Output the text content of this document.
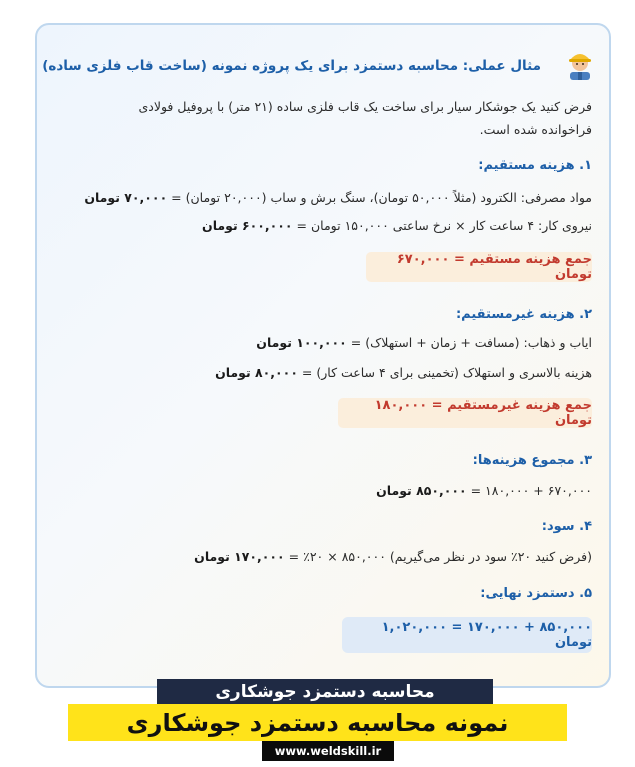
مثال عملی: محاسبه دستمزد برای یک پروژه نمونه (ساخت قاب فلزی ساده)
فرض کنید یک جوشکار سیار برای ساخت یک قاب فلزی ساده (۲۱ متر) با پروفیل فولادی
فراخوانده شده است.
۱. هزینه مستقیم:
مواد مصرفی: الکترود (مثلاً ۵۰,۰۰۰ تومان)، سنگ برش و ساب (۲۰,۰۰۰ تومان) = ۷۰,۰۰۰ تومان
نیروی کار: ۴ ساعت کار × نرخ ساعتی ۱۵۰,۰۰۰ تومان = ۶۰۰,۰۰۰ تومان
جمع هزینه مستقیم = ۶۷۰,۰۰۰ تومان
۲. هزینه غیرمستقیم:
ایاب و ذهاب: (مسافت + زمان + استهلاک) = ۱۰۰,۰۰۰ تومان
هزینه بالاسری و استهلاک (تخمینی برای ۴ ساعت کار) = ۸۰,۰۰۰ تومان
جمع هزینه غیرمستقیم = ۱۸۰,۰۰۰ تومان
۳. مجموع هزینه‌ها:
۶۷۰,۰۰۰ + ۱۸۰,۰۰۰ = ۸۵۰,۰۰۰ تومان
۴. سود:
(فرض کنید ۲۰٪ سود در نظر می‌گیریم) ۸۵۰,۰۰۰ × ۲۰٪ = ۱۷۰,۰۰۰ تومان
۵. دستمزد نهایی:
۸۵۰,۰۰۰ + ۱۷۰,۰۰۰ = ۱,۰۲۰,۰۰۰ تومان
محاسبه دستمزد جوشکاری
نمونه محاسبه دستمزد جوشکاری
www.weldskill.ir
